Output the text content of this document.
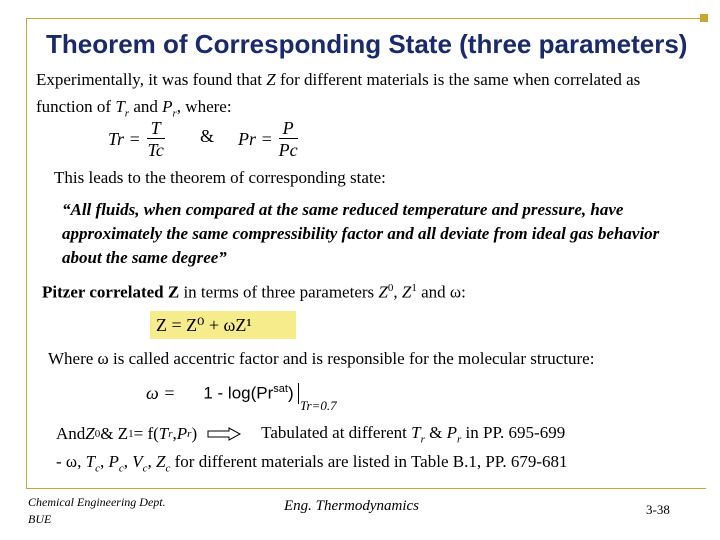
Theorem of Corresponding State (three parameters)
Experimentally, it was found that Z for different materials is the same when correlated as function of $T_r$ and $P_r$, where:
$Tr = \frac{T}{Tc}$ & $Pr = \frac{P}{Pc}$
This leads to the theorem of corresponding state:
“All fluids, when compared at the same reduced temperature and pressure, have approximately the same compressibility factor and all deviate from ideal gas behavior about the same degree”
Pitzer correlated Z in terms of three parameters $Z^0$, $Z^1$ and ω:
Z = Z⁰ + ωZ¹
Where ω is called accentric factor and is responsible for the molecular structure:
$\omega = 1 - \log(Pr^{sat})$
Tr=0.7
And Z 0 & Z 1 = f( T r , P r )	Tabulated at different $T_r$ & $P_r$ in PP. 695-699
- ω, $T_c$, $P_c$, $V_c$, $Z_c$ for different materials are listed in Table B.1, PP. 679-681
Chemical Engineering Dept.
BUE
Eng. Thermodynamics	3-38
